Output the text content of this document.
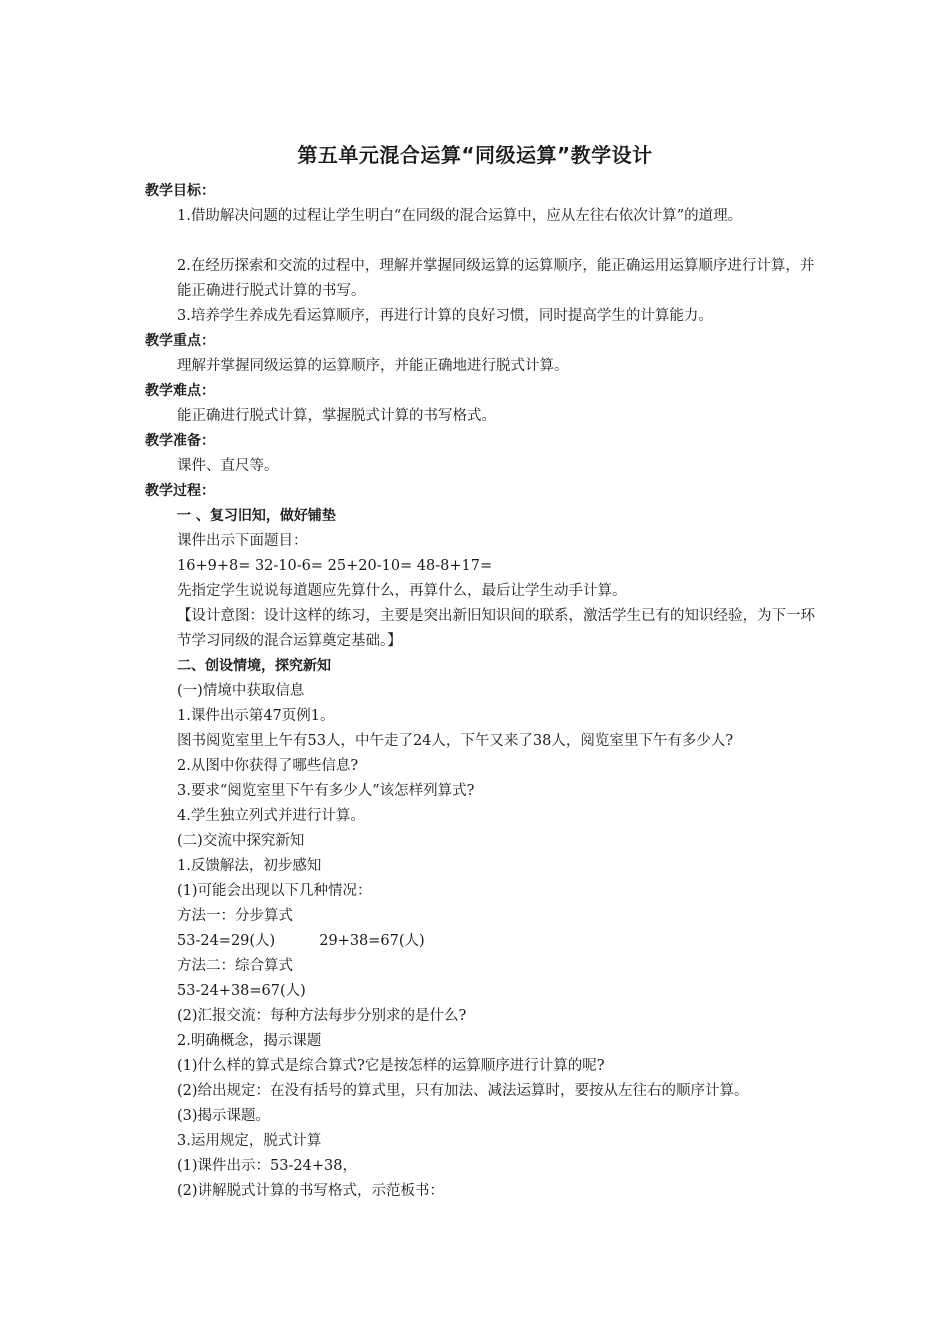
第五单元混合运算“同级运算”教学设计
教学目标：
1.借助解决问题的过程让学生明白“在同级的混合运算中，应从左往右依次计算”的道理。
2.在经历探索和交流的过程中，理解并掌握同级运算的运算顺序，能正确运用运算顺序进行计算，并能正确进行脱式计算的书写。
3.培养学生养成先看运算顺序，再进行计算的良好习惯，同时提高学生的计算能力。
教学重点：
理解并掌握同级运算的运算顺序，并能正确地进行脱式计算。
教学难点：
能正确进行脱式计算，掌握脱式计算的书写格式。
教学准备：
课件、直尺等。
教学过程：
一 、复习旧知，做好铺垫
课件出示下面题目：
16+9+8= 32-10-6= 25+20-10= 48-8+17=
先指定学生说说每道题应先算什么，再算什么，最后让学生动手计算。
【设计意图：设计这样的练习，主要是突出新旧知识间的联系，激活学生已有的知识经验，为下一环节学习同级的混合运算奠定基础。】
二、创设情境，探究新知
(一)情境中获取信息
1.课件出示第47页例1。
图书阅览室里上午有53人，中午走了24人，下午又来了38人，阅览室里下午有多少人?
2.从图中你获得了哪些信息?
3.要求“阅览室里下午有多少人”该怎样列算式?
4.学生独立列式并进行计算。
(二)交流中探究新知
1.反馈解法，初步感知
(1)可能会出现以下几种情况：
方法一：分步算式
53-24=29(人)	29+38=67(人)
方法二：综合算式
53-24+38=67(人)
(2)汇报交流：每种方法每步分别求的是什么?
2.明确概念，揭示课题
(1)什么样的算式是综合算式?它是按怎样的运算顺序进行计算的呢?
(2)给出规定：在没有括号的算式里，只有加法、减法运算时，要按从左往右的顺序计算。
(3)揭示课题。
3.运用规定，脱式计算
(1)课件出示：53-24+38，
(2)讲解脱式计算的书写格式，示范板书：
